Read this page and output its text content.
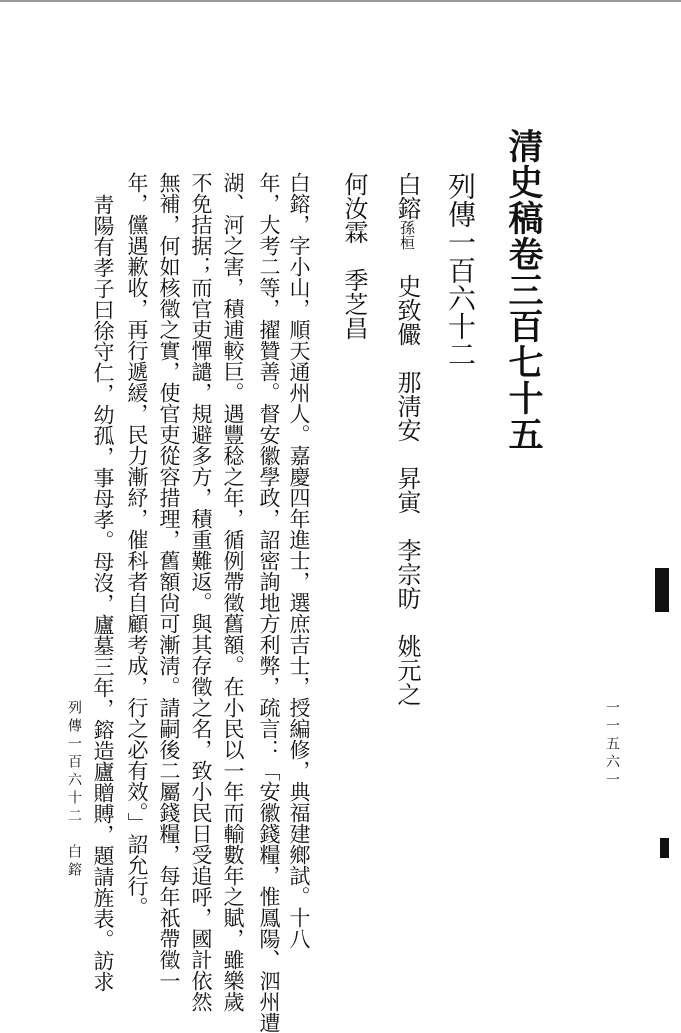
清史稿卷三百七十五
列傳一百六十二
白鎔孫桓　史致儼　那淸安　昇寅　李宗昉　姚元之
何汝霖　季芝昌
白鎔，字小山，順天通州人。嘉慶四年進士，選庶吉士，授編修，典福建鄉試。十八
年，大考二等，擢贊善。督安徽學政，詔密詢地方利弊，疏言：「安徽錢糧，惟鳳陽、泗州遭
湖、河之害，積逋較巨。遇豐稔之年，循例帶徵舊額。在小民以一年而輸數年之賦，雖樂歲
不免拮据；而官吏憚譴，規避多方，積重難返。與其存徵之名，致小民日受追呼，國計依然
無補，何如核徵之實，使官吏從容措理，舊額尙可漸淸。請嗣後二屬錢糧，每年祇帶徵一
年，儻遇歉收，再行遞緩，民力漸紓，催科者自顧考成，行之必有效。」詔允行。
靑陽有孝子曰徐守仁，幼孤，事母孝。母沒，廬墓三年，鎔造廬贈賻，題請旌表。訪求
列傳一百六十二　白鎔	一一五六一
